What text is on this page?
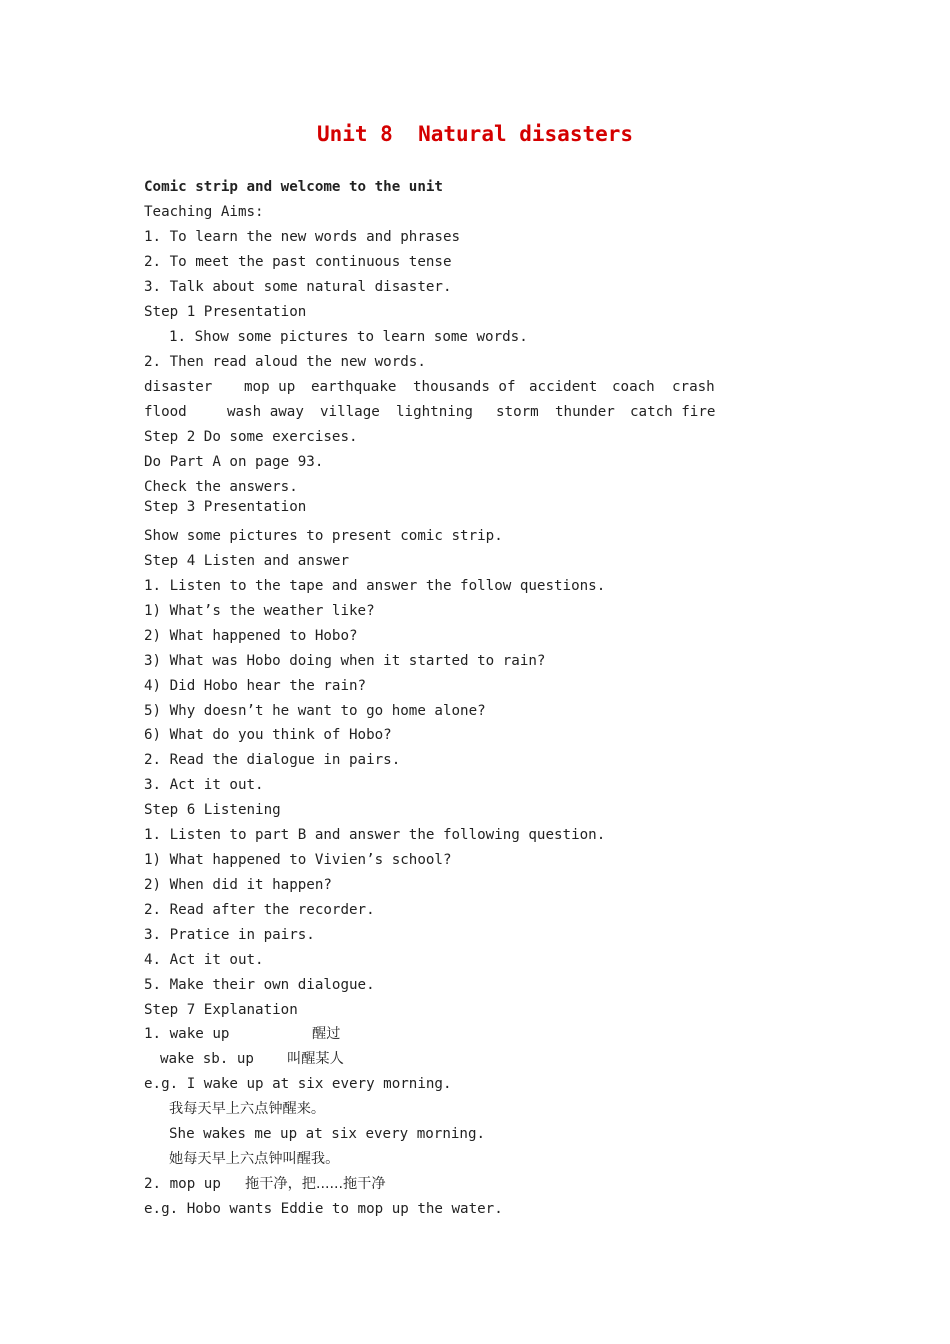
Unit 8  Natural disasters

Comic strip and welcome to the unit

Teaching Aims:

1. To learn the new words and phrases

2. To meet the past continuous tense

3. Talk about some natural disaster.

Step 1 Presentation

1. Show some pictures to learn some words.

2. Then read aloud the new words.

disaster

mop up

earthquake

thousands of

accident

coach

crash

flood

	wash away

village

lightning

storm

thunder

catch fire

Step 2 Do some exercises.

Do Part A on page 93.

Check the answers.

Step 3 Presentation

Show some pictures to present comic strip.

Step 4 Listen and answer

1. Listen to the tape and answer the follow questions.

1) What’s the weather like?

2) What happened to Hobo?

3) What was Hobo doing when it started to rain?

4) Did Hobo hear the rain?

5) Why doesn’t he want to go home alone?

6) What do you think of Hobo?

2. Read the dialogue in pairs.

3. Act it out.

Step 6 Listening

1. Listen to part B and answer the following question.

1) What happened to Vivien’s school?

2) When did it happen?

2. Read after the recorder.

3. Pratice in pairs.

4. Act it out.

5. Make their own dialogue.

Step 7 Explanation

1. wake up	醒过

wake sb. up 叫醒某人

e.g. I wake up at six every morning.

我每天早上六点钟醒来。

She wakes me up at six every morning.

她每天早上六点钟叫醒我。

2. mop up 拖干净，把......拖干净

e.g. Hobo wants Eddie to mop up the water.
